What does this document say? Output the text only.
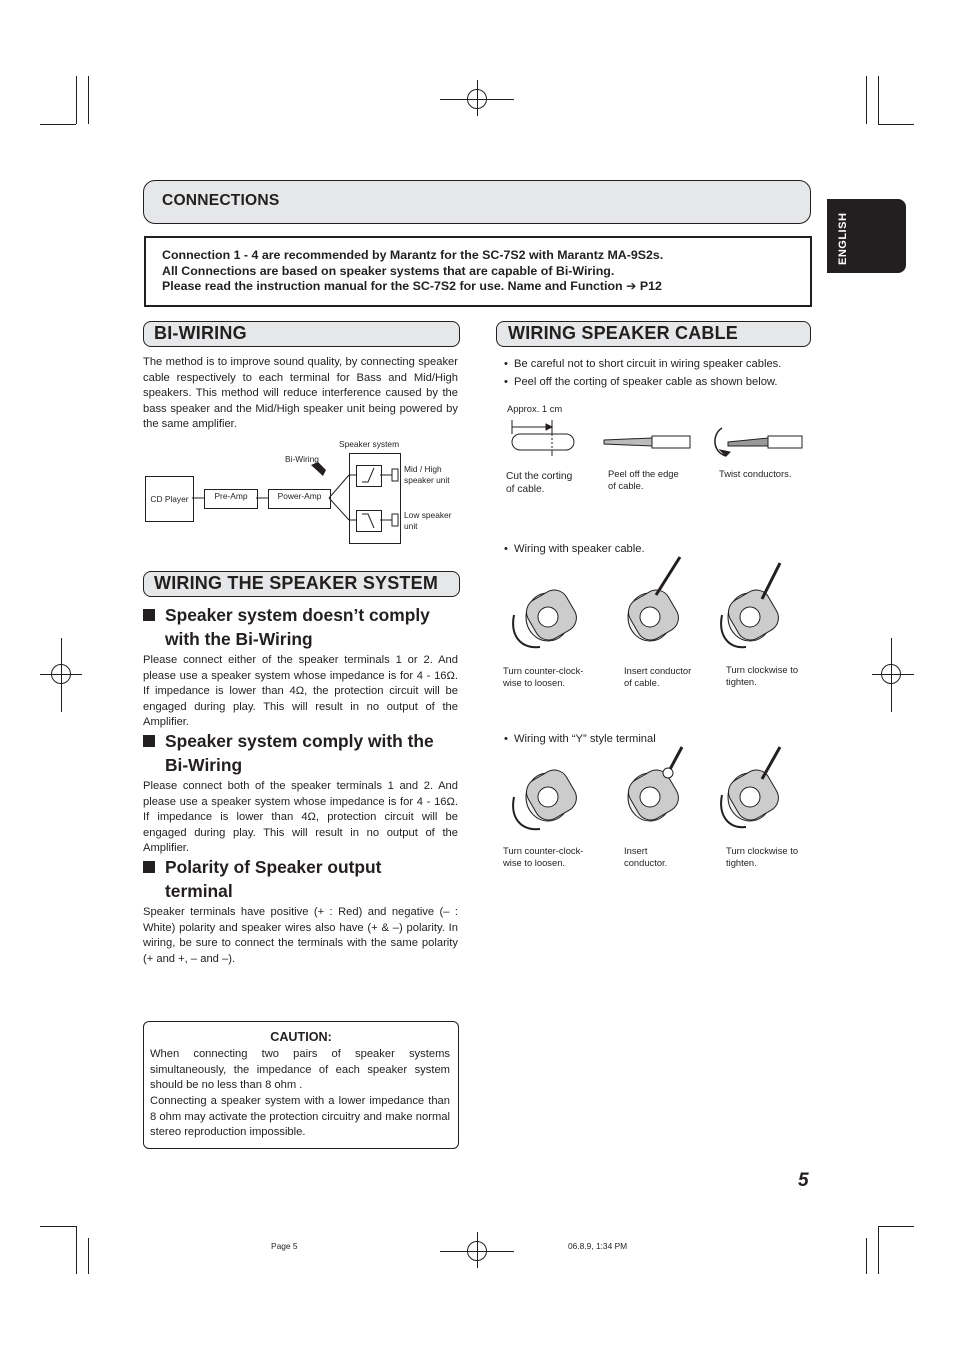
CONNECTIONS
ENGLISH

Connection 1 - 4 are recommended by Marantz for the SC-7S2 with Marantz MA-9S2s.

All Connections are based on speaker systems that are capable of Bi-Wiring.

Please read the instruction manual for the SC-7S2 for use. Name and Function ➔ P12

BI-WIRING

The method is to improve sound quality, by connecting speaker cable respectively to each terminal for Bass and Mid/High speakers. This method will reduce interference caused by the bass speaker and the Mid/High speaker unit being powered by the same amplifier.

Speaker system
Bi-Wiring
CD Player	Pre-Amp	Power-Amp
Mid / High
speaker unit
Low speaker
unit
WIRING THE SPEAKER SYSTEM
Speaker system doesn’t comply
with the Bi-Wiring

Please connect either of the speaker terminals 1 or 2. And please use a speaker system whose impedance is for 4 - 16Ω. If impedance is lower than 4Ω, the protection circuit will be engaged during play. This will result in no output of the Amplifier.

Speaker system comply with the
Bi-Wiring

Please connect both of the speaker terminals 1 and 2. And please use a speaker system whose impedance is for 4 - 16Ω. If impedance is lower than 4Ω, protection circuit will be engaged during play. This will result in no output of the Amplifier.

Polarity of Speaker output
terminal

Speaker terminals have positive (+ : Red) and negative (– : White) polarity and speaker wires also have (+ & –) polarity. In wiring, be sure to connect the terminals with the same polarity (+ and +, – and –).

CAUTION:

When connecting two pairs of speaker systems simultaneously, the impedance of each speaker system should be no less than 8 ohm .

Connecting a speaker system with a lower impedance than 8 ohm may activate the protection circuitry and make normal stereo reproduction impossible.

WIRING SPEAKER CABLE
• Be careful not to short circuit in wiring speaker cables.
• Peel off the corting of speaker cable as shown below.
Approx. 1 cm
Cut the corting
of cable.
Peel off the edge
of cable.
Twist conductors.
• Wiring with speaker cable.
Turn counter-clock-
wise to loosen.
Insert conductor
of cable.
Turn clockwise to
tighten.
• Wiring with “Y” style terminal
Turn counter-clock-
wise to loosen.
Insert
conductor.
Turn clockwise to
tighten.
5
Page 5	06.8.9, 1:34 PM
